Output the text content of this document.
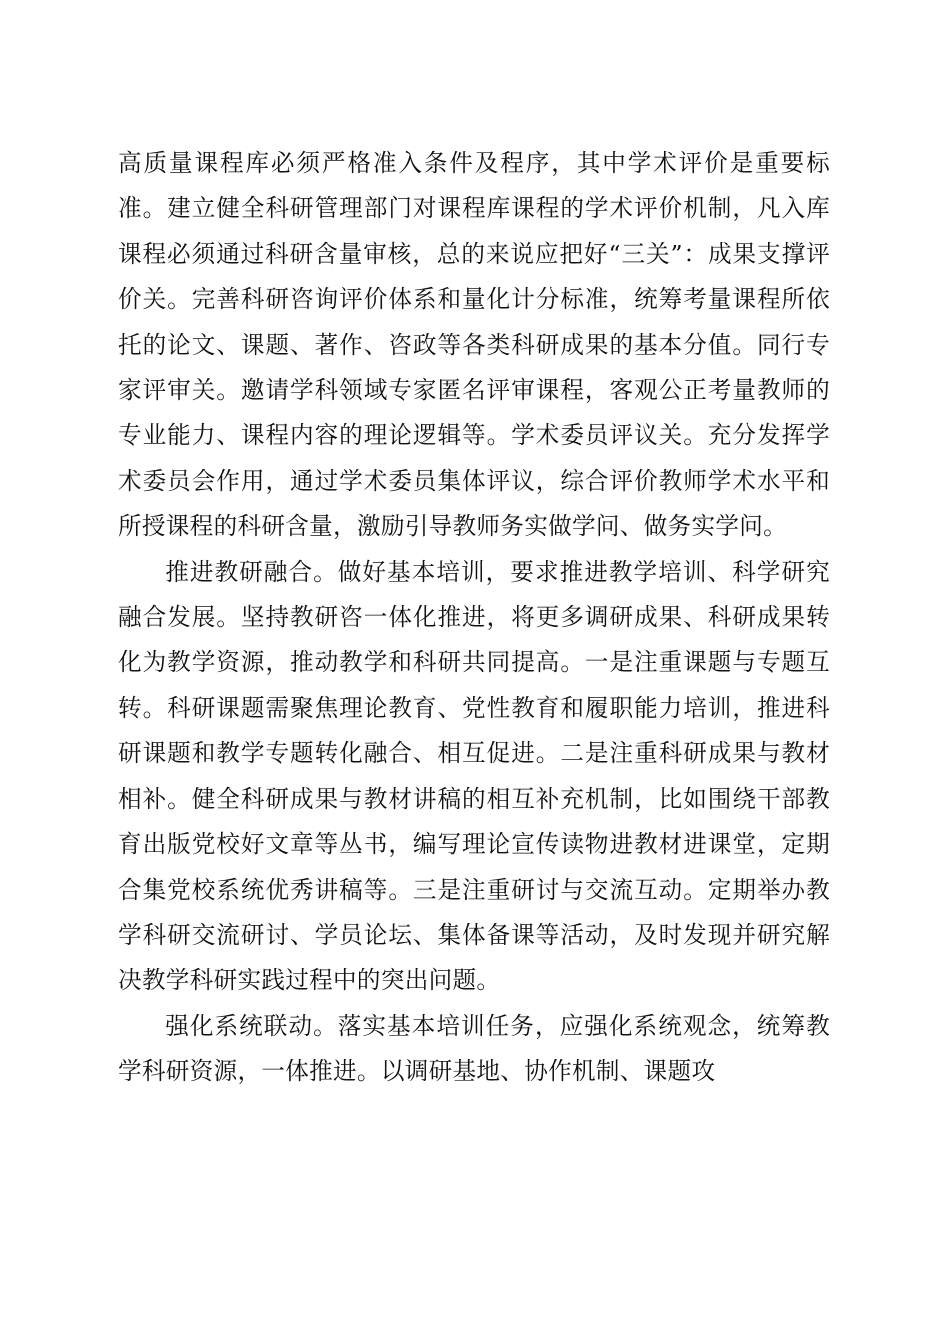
高质量课程库必须严格准入条件及程序，其中学术评价是重要标准。建立健全科研管理部门对课程库课程的学术评价机制，凡入库课程必须通过科研含量审核，总的来说应把好“三关”：成果支撑评价关。完善科研咨询评价体系和量化计分标准，统筹考量课程所依托的论文、课题、著作、咨政等各类科研成果的基本分值。同行专家评审关。邀请学科领域专家匿名评审课程，客观公正考量教师的专业能力、课程内容的理论逻辑等。学术委员评议关。充分发挥学术委员会作用，通过学术委员集体评议，综合评价教师学术水平和所授课程的科研含量，激励引导教师务实做学问、做务实学问。

推进教研融合。做好基本培训，要求推进教学培训、科学研究融合发展。坚持教研咨一体化推进，将更多调研成果、科研成果转化为教学资源，推动教学和科研共同提高。一是注重课题与专题互转。科研课题需聚焦理论教育、党性教育和履职能力培训，推进科研课题和教学专题转化融合、相互促进。二是注重科研成果与教材相补。健全科研成果与教材讲稿的相互补充机制，比如围绕干部教育出版党校好文章等丛书，编写理论宣传读物进教材进课堂，定期合集党校系统优秀讲稿等。三是注重研讨与交流互动。定期举办教学科研交流研讨、学员论坛、集体备课等活动，及时发现并研究解决教学科研实践过程中的突出问题。

强化系统联动。落实基本培训任务，应强化系统观念，统筹教学科研资源，一体推进。以调研基地、协作机制、课题攻
